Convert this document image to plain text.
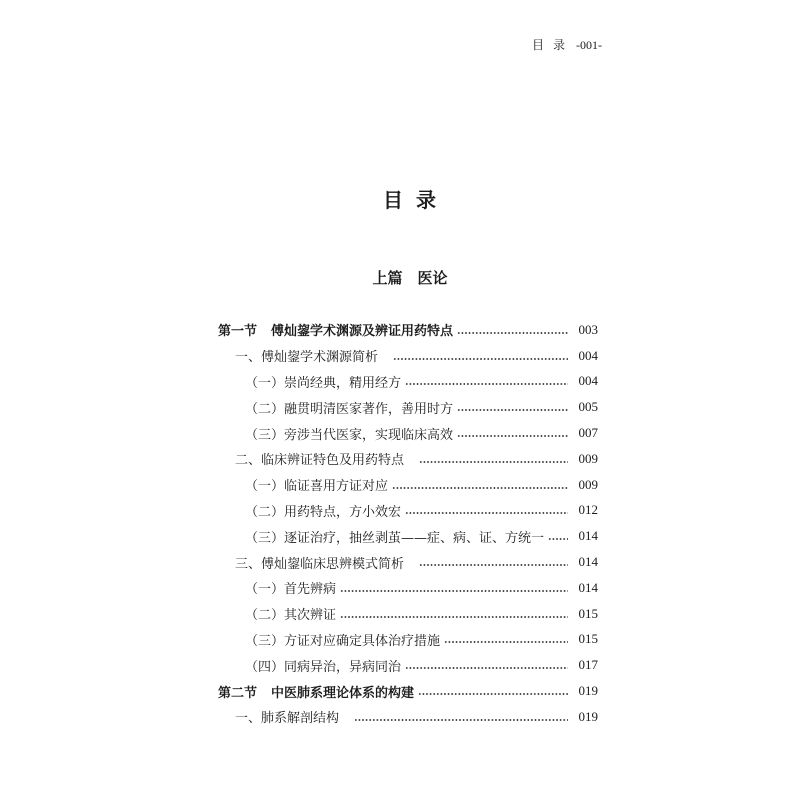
目 录 -001-
目 录
上篇　医论
第一节 傅灿鋆学术渊源及辨证用药特点	003
一、傅灿鋆学术渊源简析	004
（一）崇尚经典，精用经方	004
（二）融贯明清医家著作，善用时方	005
（三）旁涉当代医家，实现临床高效	007
二、临床辨证特色及用药特点	009
（一）临证喜用方证对应	009
（二）用药特点，方小效宏	012
（三）逐证治疗，抽丝剥茧——症、病、证、方统一	014
三、傅灿鋆临床思辨模式简析	014
（一）首先辨病	014
（二）其次辨证	015
（三）方证对应确定具体治疗措施	015
（四）同病异治，异病同治	017
第二节 中医肺系理论体系的构建	019
一、肺系解剖结构	019
